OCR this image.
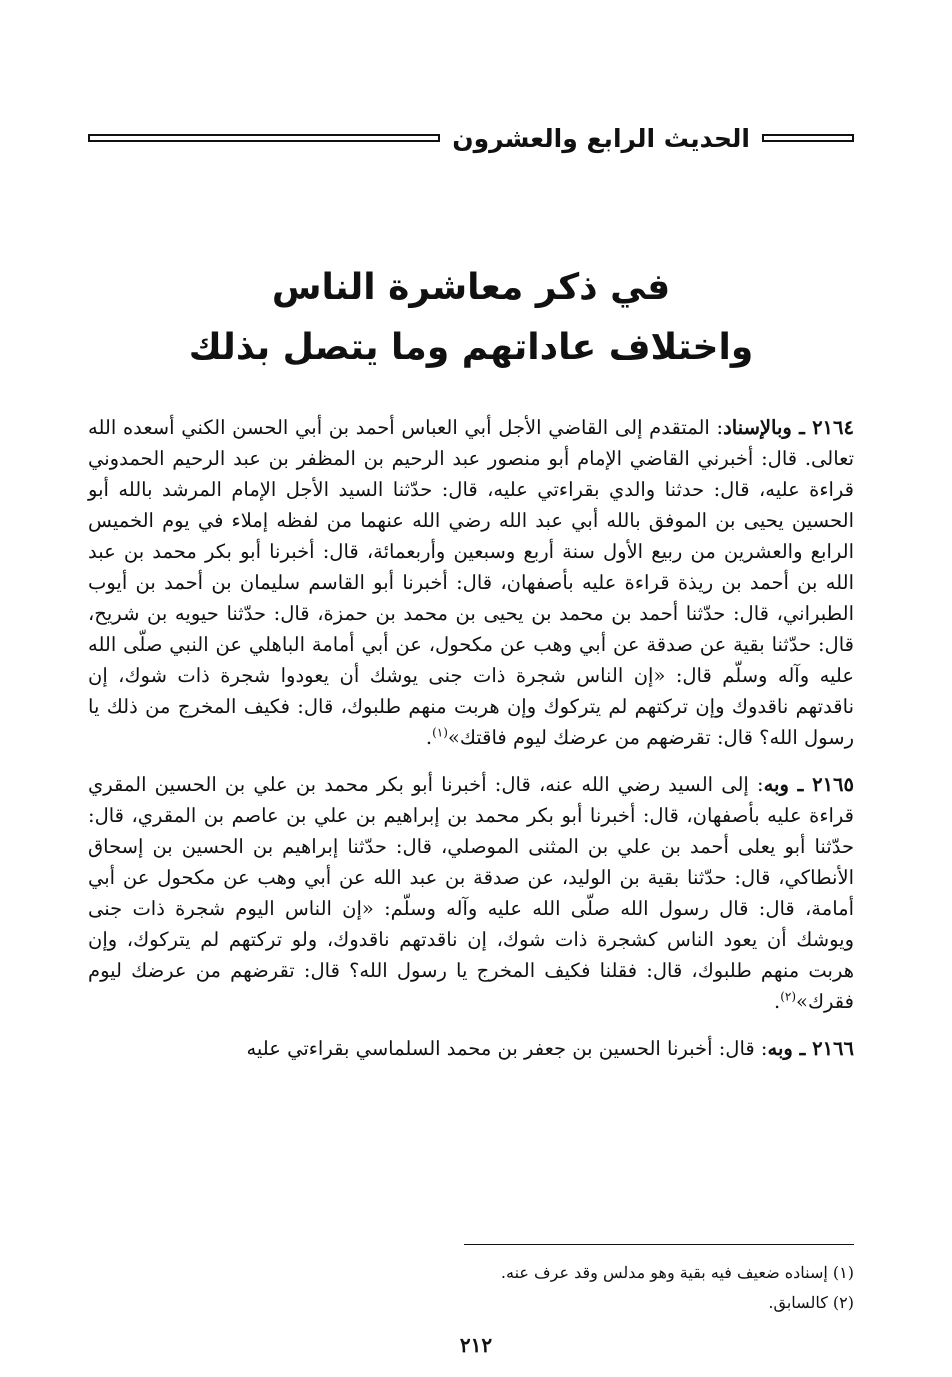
الحديث الرابع والعشرون
في ذكر معاشرة الناس
واختلاف عاداتهم وما يتصل بذلك

٢١٦٤ ـ وبالإسناد: المتقدم إلى القاضي الأجل أبي العباس أحمد بن أبي الحسن الكني أسعده الله تعالى. قال: أخبرني القاضي الإمام أبو منصور عبد الرحيم بن المظفر بن عبد الرحيم الحمدوني قراءة عليه، قال: حدثنا والدي بقراءتي عليه، قال: حدّثنا السيد الأجل الإمام المرشد بالله أبو الحسين يحيى بن الموفق بالله أبي عبد الله رضي الله عنهما من لفظه إملاء في يوم الخميس الرابع والعشرين من ربيع الأول سنة أربع وسبعين وأربعمائة، قال: أخبرنا أبو بكر محمد بن عبد الله بن أحمد بن ريذة قراءة عليه بأصفهان، قال: أخبرنا أبو القاسم سليمان بن أحمد بن أيوب الطبراني، قال: حدّثنا أحمد بن محمد بن يحيى بن محمد بن حمزة، قال: حدّثنا حيويه بن شريح، قال: حدّثنا بقية عن صدقة عن أبي وهب عن مكحول، عن أبي أمامة الباهلي عن النبي صلّى الله عليه وآله وسلّم قال: «إن الناس شجرة ذات جنى يوشك أن يعودوا شجرة ذات شوك، إن ناقدتهم ناقدوك وإن تركتهم لم يتركوك وإن هربت منهم طلبوك، قال: فكيف المخرج من ذلك يا رسول الله؟ قال: تقرضهم من عرضك ليوم فاقتك»$^{(١)}$.

٢١٦٥ ـ وبه: إلى السيد رضي الله عنه، قال: أخبرنا أبو بكر محمد بن علي بن الحسين المقري قراءة عليه بأصفهان، قال: أخبرنا أبو بكر محمد بن إبراهيم بن علي بن عاصم بن المقري، قال: حدّثنا أبو يعلى أحمد بن علي بن المثنى الموصلي، قال: حدّثنا إبراهيم بن الحسين بن إسحاق الأنطاكي، قال: حدّثنا بقية بن الوليد، عن صدقة بن عبد الله عن أبي وهب عن مكحول عن أبي أمامة، قال: قال رسول الله صلّى الله عليه وآله وسلّم: «إن الناس اليوم شجرة ذات جنى ويوشك أن يعود الناس كشجرة ذات شوك، إن ناقدتهم ناقدوك، ولو تركتهم لم يتركوك، وإن هربت منهم طلبوك، قال: فقلنا فكيف المخرج يا رسول الله؟ قال: تقرضهم من عرضك ليوم فقرك»$^{(٢)}$.

٢١٦٦ ـ وبه: قال: أخبرنا الحسين بن جعفر بن محمد السلماسي بقراءتي عليه

(١) إسناده ضعيف فيه بقية وهو مدلس وقد عرف عنه.

(٢) كالسابق.

٢١٢
